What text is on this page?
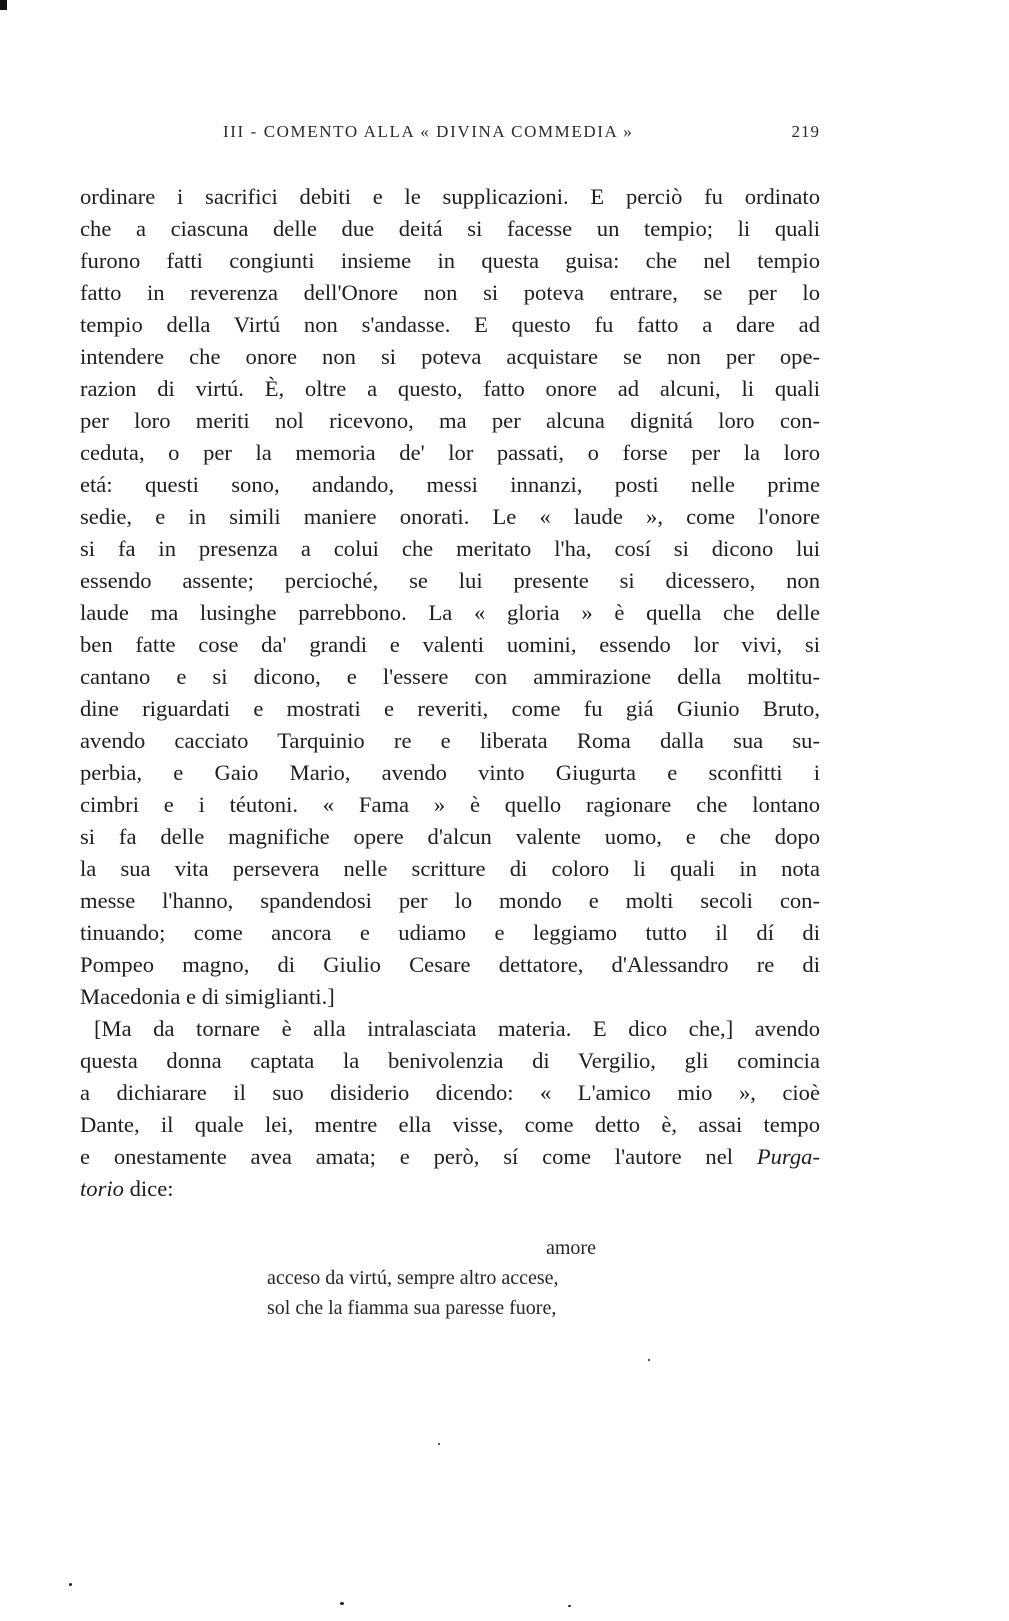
III - COMENTO ALLA « DIVINA COMMEDIA »	219
ordinare i sacrifici debiti e le supplicazioni. E perciò fu ordinato
che a ciascuna delle due deitá si facesse un tempio; li quali
furono fatti congiunti insieme in questa guisa: che nel tempio
fatto in reverenza dell'Onore non si poteva entrare, se per lo
tempio della Virtú non s'andasse. E questo fu fatto a dare ad
intendere che onore non si poteva acquistare se non per ope-
razion di virtú. È, oltre a questo, fatto onore ad alcuni, li quali
per loro meriti nol ricevono, ma per alcuna dignitá loro con-
ceduta, o per la memoria de' lor passati, o forse per la loro
etá: questi sono, andando, messi innanzi, posti nelle prime
sedie, e in simili maniere onorati. Le « laude », come l'onore
si fa in presenza a colui che meritato l'ha, cosí si dicono lui
essendo assente; percioché, se lui presente si dicessero, non
laude ma lusinghe parrebbono. La « gloria » è quella che delle
ben fatte cose da' grandi e valenti uomini, essendo lor vivi, si
cantano e si dicono, e l'essere con ammirazione della moltitu-
dine riguardati e mostrati e reveriti, come fu giá Giunio Bruto,
avendo cacciato Tarquinio re e liberata Roma dalla sua su-
perbia, e Gaio Mario, avendo vinto Giugurta e sconfitti i
cimbri e i téutoni. « Fama » è quello ragionare che lontano
si fa delle magnifiche opere d'alcun valente uomo, e che dopo
la sua vita persevera nelle scritture di coloro li quali in nota
messe l'hanno, spandendosi per lo mondo e molti secoli con-
tinuando; come ancora e udiamo e leggiamo tutto il dí di
Pompeo magno, di Giulio Cesare dettatore, d'Alessandro re di
Macedonia e di simiglianti.]
[Ma da tornare è alla intralasciata materia. E dico che,] avendo
questa donna captata la benivolenzia di Vergilio, gli comincia
a dichiarare il suo disiderio dicendo: « L'amico mio », cioè
Dante, il quale lei, mentre ella visse, come detto è, assai tempo
e onestamente avea amata; e però, sí come l'autore nel Purga-
torio dice:
amore
acceso da virtú, sempre altro accese,
sol che la fiamma sua paresse fuore,
